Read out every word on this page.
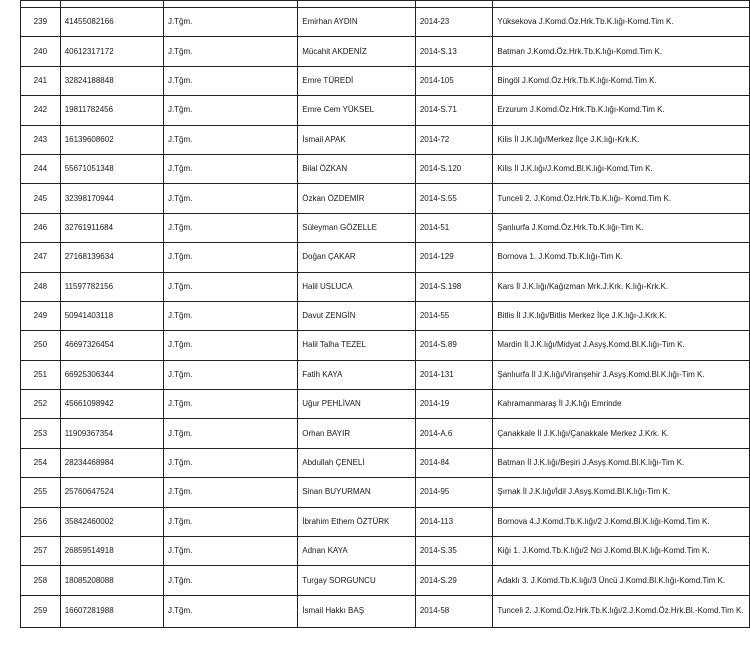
239	41455082166	J.Tğm.	Emirhan AYDIN	2014-23	Yüksekova J.Komd.Öz.Hrk.Tb.K.lığı-Komd.Tim K.
240	40612317172	J.Tğm.	Mücahit AKDENİZ	2014-S.13	Batman J.Komd.Öz.Hrk.Tb.K.lığı-Komd.Tim K.
241	32824188848	J.Tğm.	Emre TÜREDİ	2014-105	Bingöl J.Komd.Öz.Hrk.Tb.K.lığı-Komd.Tim K.
242	19811782456	J.Tğm.	Emre Cem YÜKSEL	2014-S.71	Erzurum J.Komd.Öz.Hrk.Tb.K.lığı-Komd.Tim K.
243	16139608602	J.Tğm.	İsmail APAK	2014-72	Kilis İl J.K.lığı/Merkez İlçe J.K.lığı-Krk.K.
244	55671051348	J.Tğm.	Bilal ÖZKAN	2014-S.120	Kilis İl J.K.lığı/J.Komd.Bl.K.lığı-Komd.Tim K.
245	32398170944	J.Tğm.	Özkan ÖZDEMİR	2014-S.55	Tunceli 2. J.Komd.Öz.Hrk.Tb.K.lığı- Komd.Tim K.
246	32761911684	J.Tğm.	Süleyman GÖZELLE	2014-51	Şanlıurfa J.Komd.Öz.Hrk.Tb.K.lığı-Tim K.
247	27168139634	J.Tğm.	Doğan ÇAKAR	2014-129	Bornova 1. J.Komd.Tb.K.lığı-Tim K.
248	11597782156	J.Tğm.	Halil USLUCA	2014-S.198	Kars İl J.K.lığı/Kağızman Mrk.J.Krk. K.lığı-Krk.K.
249	50941403118	J.Tğm.	Davut ZENGİN	2014-55	Bitlis İl J.K.lığı/Bitlis Merkez İlçe J.K.lığı-J.Krk.K.
250	46697326454	J.Tğm.	Halil Talha TEZEL	2014-S.89	Mardin İl J.K.lığı/Midyat J.Asyş.Komd.Bl.K.lığı-Tim K.
251	66925306344	J.Tğm.	Fatih KAYA	2014-131	Şanlıurfa İl J.K.lığı/Viranşehir J.Asyş.Komd.Bl.K.lığı-Tim K.
252	45661098942	J.Tğm.	Uğur PEHLİVAN	2014-19	Kahramanmaraş İl J.K.lığı Emrinde
253	11909367354	J.Tğm.	Orhan BAYIR	2014-A.6	Çanakkale İl J.K.lığı/Çanakkale Merkez J.Krk. K.
254	28234468984	J.Tğm.	Abdullah ÇENELİ	2014-84	Batman İl J.K.lığı/Beşiri J.Asyş.Komd.Bl.K.lığı-Tim K.
255	25760647524	J.Tğm.	Sinan BUYURMAN	2014-95	Şırnak İl J.K.lığı/İdil J.Asyş.Komd.Bl.K.lığı-Tim K.
256	35842460002	J.Tğm.	İbrahim Ethem ÖZTÜRK	2014-113	Bornova 4.J.Komd.Tb.K.lığı/2 J.Komd.Bl.K.lığı-Komd.Tim K.
257	26859514918	J.Tğm.	Adnan KAYA	2014-S.35	Kiğı 1. J.Komd.Tb.K.lığı/2 Nci J.Komd.Bl.K.lığı-Komd.Tim K.
258	18085208088	J.Tğm.	Turgay SORGUNCU	2014-S.29	Adaklı 3. J.Komd.Tb.K.lığı/3 Üncü J.Komd.Bl.K.lığı-Komd.Tim K.
259	16607281988	J.Tğm.	İsmail Hakkı BAŞ	2014-58	Tunceli 2. J.Komd.Öz.Hrk.Tb.K.lığı/2.J.Komd.Öz.Hrk.Bl.-Komd.Tim K.
